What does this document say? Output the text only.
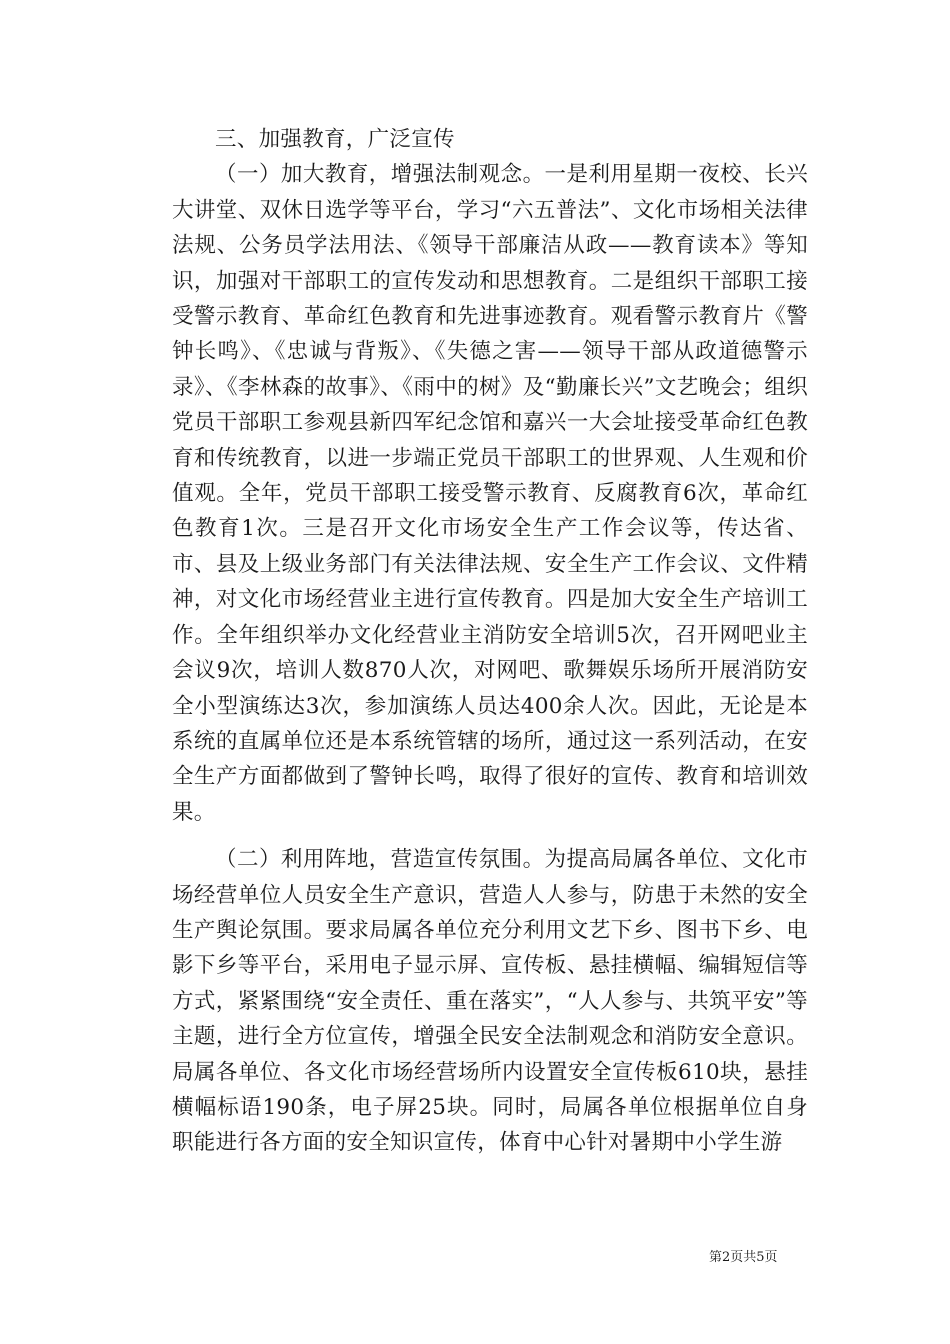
三、加强教育，广泛宣传

（一）加大教育，增强法制观念。一是利用星期一夜校、长兴大讲堂、双休日选学等平台，学习“六五普法”、文化市场相关法律法规、公务员学法用法、《领导干部廉洁从政——教育读本》等知识，加强对干部职工的宣传发动和思想教育。二是组织干部职工接受警示教育、革命红色教育和先进事迹教育。观看警示教育片《警钟长鸣》、《忠诚与背叛》、《失德之害——领导干部从政道德警示录》、《李林森的故事》、《雨中的树》及“勤廉长兴”文艺晚会；组织党员干部职工参观县新四军纪念馆和嘉兴一大会址接受革命红色教育和传统教育，以进一步端正党员干部职工的世界观、人生观和价值观。全年，党员干部职工接受警示教育、反腐教育6次，革命红色教育1次。三是召开文化市场安全生产工作会议等，传达省、市、县及上级业务部门有关法律法规、安全生产工作会议、文件精神，对文化市场经营业主进行宣传教育。四是加大安全生产培训工作。全年组织举办文化经营业主消防安全培训5次，召开网吧业主会议9次，培训人数870人次，对网吧、歌舞娱乐场所开展消防安全小型演练达3次，参加演练人员达400余人次。因此，无论是本系统的直属单位还是本系统管辖的场所，通过这一系列活动，在安全生产方面都做到了警钟长鸣，取得了很好的宣传、教育和培训效果。

（二）利用阵地，营造宣传氛围。为提高局属各单位、文化市场经营单位人员安全生产意识，营造人人参与，防患于未然的安全生产舆论氛围。要求局属各单位充分利用文艺下乡、图书下乡、电影下乡等平台，采用电子显示屏、宣传板、悬挂横幅、编辑短信等方式，紧紧围绕“安全责任、重在落实”，“人人参与、共筑平安”等主题，进行全方位宣传，增强全民安全法制观念和消防安全意识。局属各单位、各文化市场经营场所内设置安全宣传板610块，悬挂横幅标语190条，电子屏25块。同时，局属各单位根据单位自身职能进行各方面的安全知识宣传，体育中心针对暑期中小学生游

第2页共5页
